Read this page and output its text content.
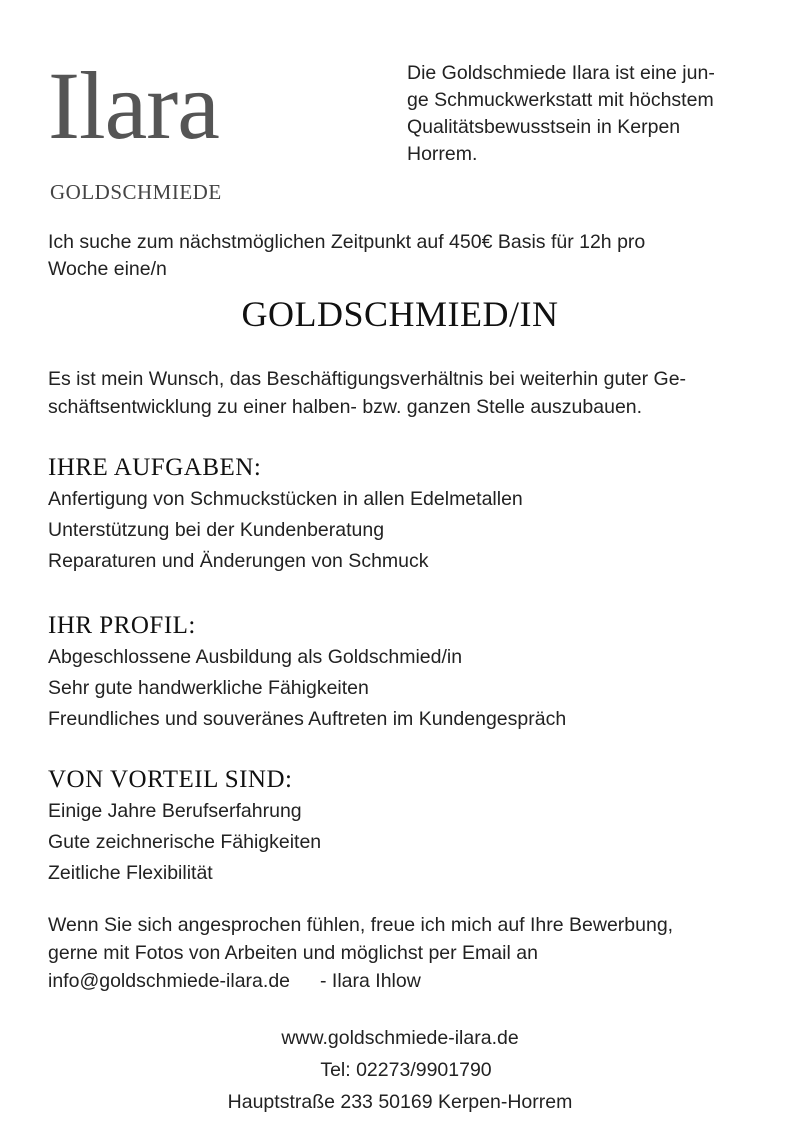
Ilara
GOLDSCHMIEDE
Die Goldschmiede Ilara ist eine jun-
ge Schmuckwerkstatt mit höchstem
Qualitätsbewusstsein in Kerpen
Horrem.
Ich suche zum nächstmöglichen Zeitpunkt auf 450€ Basis für 12h pro
Woche eine/n
GOLDSCHMIED/IN
Es ist mein Wunsch, das Beschäftigungsverhältnis bei weiterhin guter Ge-
schäftsentwicklung zu einer halben- bzw. ganzen Stelle auszubauen.
IHRE AUFGABEN:
Anfertigung von Schmuckstücken in allen Edelmetallen
Unterstützung bei der Kundenberatung
Reparaturen und Änderungen von Schmuck
IHR PROFIL:
Abgeschlossene Ausbildung als Goldschmied/in
Sehr gute handwerkliche Fähigkeiten
Freundliches und souveränes Auftreten im Kundengespräch
VON VORTEIL SIND:
Einige Jahre Berufserfahrung
Gute zeichnerische Fähigkeiten
Zeitliche Flexibilität
Wenn Sie sich angesprochen fühlen, freue ich mich auf Ihre Bewerbung,
gerne mit Fotos von Arbeiten und möglichst per Email an
info@goldschmiede-ilara.de - Ilara Ihlow
www.goldschmiede-ilara.de
Tel: 02273/9901790
Hauptstraße 233 50169 Kerpen-Horrem
